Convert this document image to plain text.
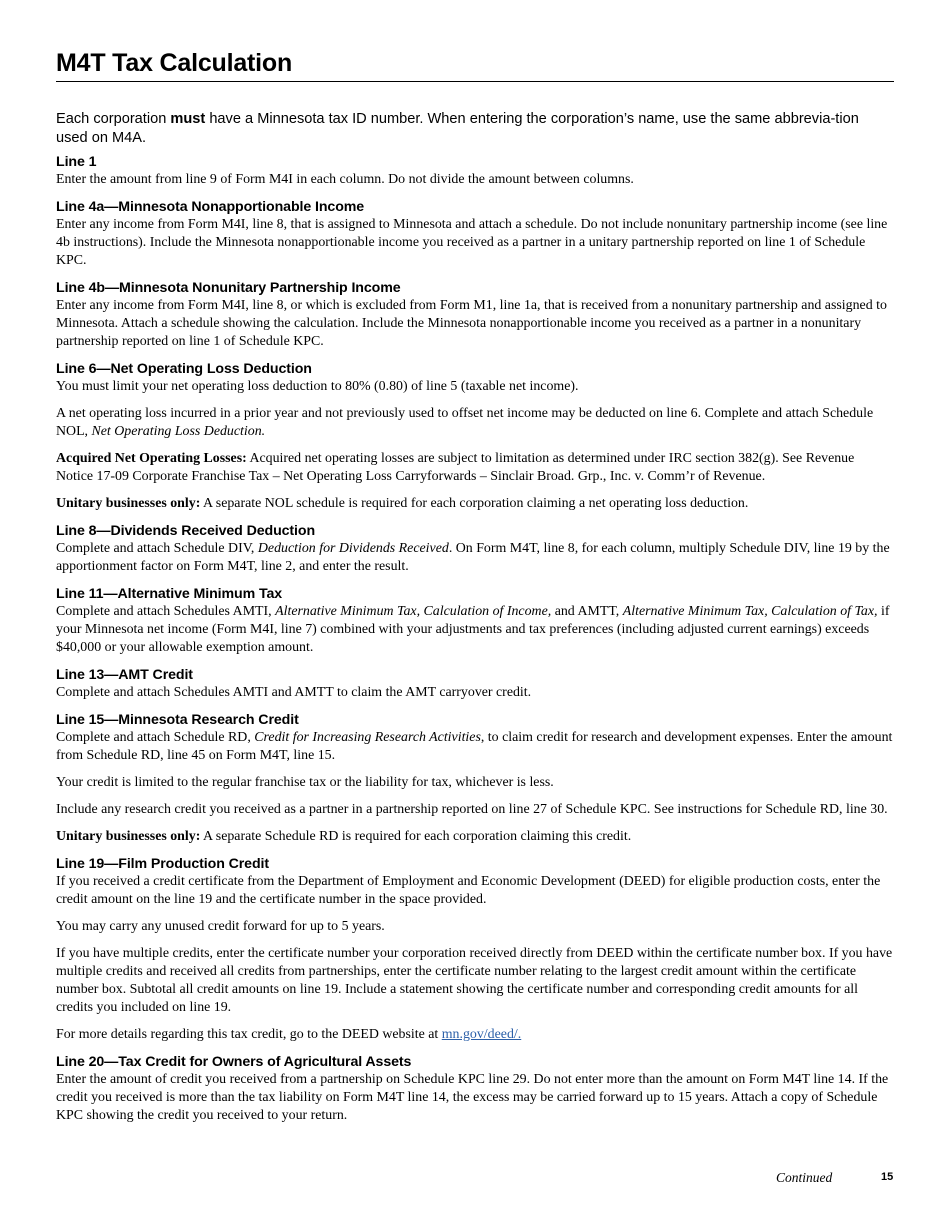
M4T Tax Calculation
Each corporation must have a Minnesota tax ID number. When entering the corporation’s name, use the same abbrevia-tion used on M4A.
Line 1

Enter the amount from line 9 of Form M4I in each column. Do not divide the amount between columns.

Line 4a—Minnesota Nonapportionable Income

Enter any income from Form M4I, line 8, that is assigned to Minnesota and attach a schedule. Do not include nonunitary partnership income (see line 4b instructions). Include the Minnesota nonapportionable income you received as a partner in a unitary partnership reported on line 1 of Schedule KPC.

Line 4b—Minnesota Nonunitary Partnership Income

Enter any income from Form M4I, line 8, or which is excluded from Form M1, line 1a, that is received from a nonunitary partnership and assigned to Minnesota. Attach a schedule showing the calculation. Include the Minnesota nonapportionable income you received as a partner in a nonunitary partnership reported on line 1 of Schedule KPC.

Line 6—Net Operating Loss Deduction

You must limit your net operating loss deduction to 80% (0.80) of line 5 (taxable net income).

A net operating loss incurred in a prior year and not previously used to offset net income may be deducted on line 6. Complete and attach Schedule NOL, Net Operating Loss Deduction.

Acquired Net Operating Losses: Acquired net operating losses are subject to limitation as determined under IRC section 382(g). See Revenue Notice 17-09 Corporate Franchise Tax – Net Operating Loss Carryforwards – Sinclair Broad. Grp., Inc. v. Comm’r of Revenue.

Unitary businesses only: A separate NOL schedule is required for each corporation claiming a net operating loss deduction.

Line 8—Dividends Received Deduction

Complete and attach Schedule DIV, Deduction for Dividends Received. On Form M4T, line 8, for each column, multiply Schedule DIV, line 19 by the apportionment factor on Form M4T, line 2, and enter the result.

Line 11—Alternative Minimum Tax

Complete and attach Schedules AMTI, Alternative Minimum Tax, Calculation of Income, and AMTT, Alternative Minimum Tax, Calculation of Tax, if your Minnesota net income (Form M4I, line 7) combined with your adjustments and tax preferences (including adjusted current earnings) exceeds $40,000 or your allowable exemption amount.

Line 13—AMT Credit

Complete and attach Schedules AMTI and AMTT to claim the AMT carryover credit.

Line 15—Minnesota Research Credit

Complete and attach Schedule RD, Credit for Increasing Research Activities, to claim credit for research and development expenses. Enter the amount from Schedule RD, line 45 on Form M4T, line 15.

Your credit is limited to the regular franchise tax or the liability for tax, whichever is less.

Include any research credit you received as a partner in a partnership reported on line 27 of Schedule KPC. See instructions for Schedule RD, line 30.

Unitary businesses only: A separate Schedule RD is required for each corporation claiming this credit.

Line 19—Film Production Credit

If you received a credit certificate from the Department of Employment and Economic Development (DEED) for eligible production costs, enter the credit amount on the line 19 and the certificate number in the space provided.

You may carry any unused credit forward for up to 5 years.

If you have multiple credits, enter the certificate number your corporation received directly from DEED within the certificate number box. If you have multiple credits and received all credits from partnerships, enter the certificate number relating to the largest credit amount within the certificate number box. Subtotal all credit amounts on line 19. Include a statement showing the certificate number and corresponding credit amounts for all credits you included on line 19.

For more details regarding this tax credit, go to the DEED website at mn.gov/deed/.

Line 20—Tax Credit for Owners of Agricultural Assets

Enter the amount of credit you received from a partnership on Schedule KPC line 29. Do not enter more than the amount on Form M4T line 14. If the credit you received is more than the tax liability on Form M4T line 14, the excess may be carried forward up to 15 years. Attach a copy of Schedule KPC showing the credit you received to your return.

Continued	15
